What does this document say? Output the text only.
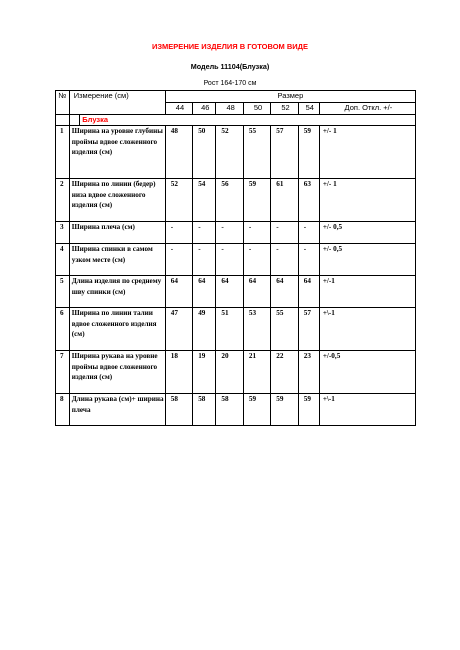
ИЗМЕРЕНИЕ ИЗДЕЛИЯ В ГОТОВОМ ВИДЕ
Модель 11104(Блузка)
Рост 164-170 см
№	Измерение (см)		Размер						
			44	46	48	50	52	54	Доп. Откл. +/-
		Блузка							
1	Ширина на уровне глубины проймы вдвое сложенного изделия (см)		48	50	52	55	57	59	+/- 1
2	Ширина по линии (бедер) низа вдвое сложенного изделия (см)		52	54	56	59	61	63	+/- 1
3	Ширина плеча (см)		-	-	-	-	-	-	+/- 0,5
4	Ширина спинки в самом узком месте (см)		-	-	-	-	-	-	+/- 0,5
5	Длина изделия по среднему шву спинки (см)		64	64	64	64	64	64	+/-1
6	Ширина по линии талии вдвое сложенного изделия (см)		47	49	51	53	55	57	+\-1
7	Ширина рукава на уровне проймы вдвое сложенного изделия (см)		18	19	20	21	22	23	+/-0,5
8	Длина рукава (см)+ ширина плеча		58	58	58	59	59	59	+\-1
